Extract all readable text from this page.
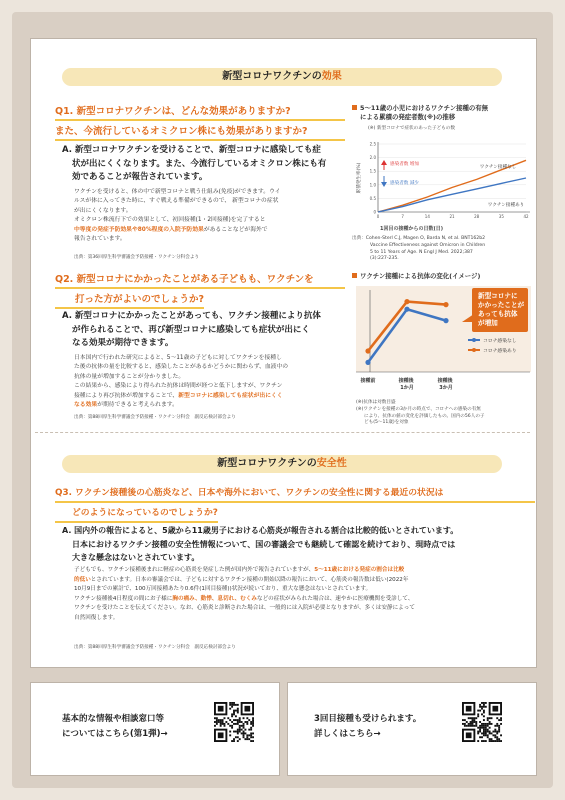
新型コロナワクチンの効果
Q1. 新型コロナワクチンは、どんな効果がありますか?
また、今流行しているオミクロン株にも効果がありますか?
A. 新型コロナワクチンを受けることで、新型コロナに感染しても症
状が出にくくなります。また、今流行しているオミクロン株にも有
効であることが報告されています。
ワクチンを受けると、体の中で新型コロナと戦う仕組み(免疫)ができます。ウイ
ルスが体に入ってきた時に、すぐ戦える準備ができるので、 新型コロナの症状
が出にくくなります。
オミクロン株流行下での効果として、初回接種(1・2回接種)を完了すると
中等度の発症予防効果や80%程度の入院予防効果があることなどが海外で
報告されています。
出典：第36回厚生科学審議会予防接種・ワクチン分科会より
5～11歳の小児におけるワクチン接種の有無
による累積の発症者数(※)の推移
(※) 新型コロナで症状のあった子どもの数
累積発生率(%)
2.5
2.0
1.5
1.0
0.5
0
0	7	14	21	28	35	42
感染者数 増加
感染者数 減少
ワクチン接種なし
ワクチン接種あり
1回目の接種からの日数(日)
出典：Cohen-Sterl C.J, Magen O, Barda N, et al. BNT162b2
Vaccine Effectiveness against Omicron in Children
5 to 11 Years of Age. N Engl J Med. 2022;387
(3):227-235.
Q2. 新型コロナにかかったことがある子どもも、ワクチンを
打った方がよいのでしょうか?
A. 新型コロナにかかったことがあっても、ワクチン接種により抗体
が作られることで、再び新型コロナに感染しても症状が出にく
なる効果が期待できます。
日本国内で行われた研究によると、5～11歳の子どもに対してワクチンを接種し
た後の抗体の量を比較すると、感染したことがあるかどうかに関わらず、血液中の
抗体の量が増加することが分かりました。
この結果から、感染により得られた抗体は時間が経つと低下しますが、ワクチン
接種により再び抗体が増加することで、新型コロナに感染しても症状が出にくく
なる効果が期待できると考えられます。
出典：第88回厚生科学審議会予防接種・ワクチン分科会　副反応検討部会より
ワクチン接種による抗体の変化(イメージ)
新型コロナに かかったことが あっても抗体 が増加
コロナ感染なし
コロナ感染あり
接種前	接種後 1か月
接種後 3か月
(※)抗体は対数目盛
(※)ワクチンを接種の3か月の時点で、コロナへの感染の有無
により、抗体の値の変化を評価したもの。国内の56人の子
ども(5～11歳)を対象
新型コロナワクチンの安全性
Q3. ワクチン接種後の心筋炎など、日本や海外において、ワクチンの安全性に関する最近の状況は
どのようになっているのでしょうか?
A. 国内外の報告によると、5歳から11歳男子における心筋炎が報告される割合は比較的低いとされています。
日本におけるワクチン接種の安全性情報について、国の審議会でも継続して確認を続けており、現時点では
大きな懸念はないとされています。
子どもでも、ワクチン接種後まれに軽症の心筋炎を発症した例が国内外で報告されていますが、5～11歳における発症の割合は比較
的低いとされています。日本の審議会では、子どもに対するワクチン接種の開始以降の報告において、心筋炎の報告数は低い(2022年
10月9日までの累計で、100万回接種あたり0.6件(1回目接種))状況が続いており、重大な懸念はないとされています。
ワクチン接種後4日程度の間にお子様に胸の痛み、動悸、息切れ、むくみなどの症状がみられた場合は、速やかに医療機関を受診して、
ワクチンを受けたことを伝えてください。なお、心筋炎と診断された場合は、一般的には入院が必要となりますが、多くは安静によって
自然回復します。
出典：第88回厚生科学審議会予防接種・ワクチン分科会　副反応検討部会より
基本的な情報や相談窓口等
についてはこちら(第1弾)→
3回目接種も受けられます。
詳しくはこちら→
